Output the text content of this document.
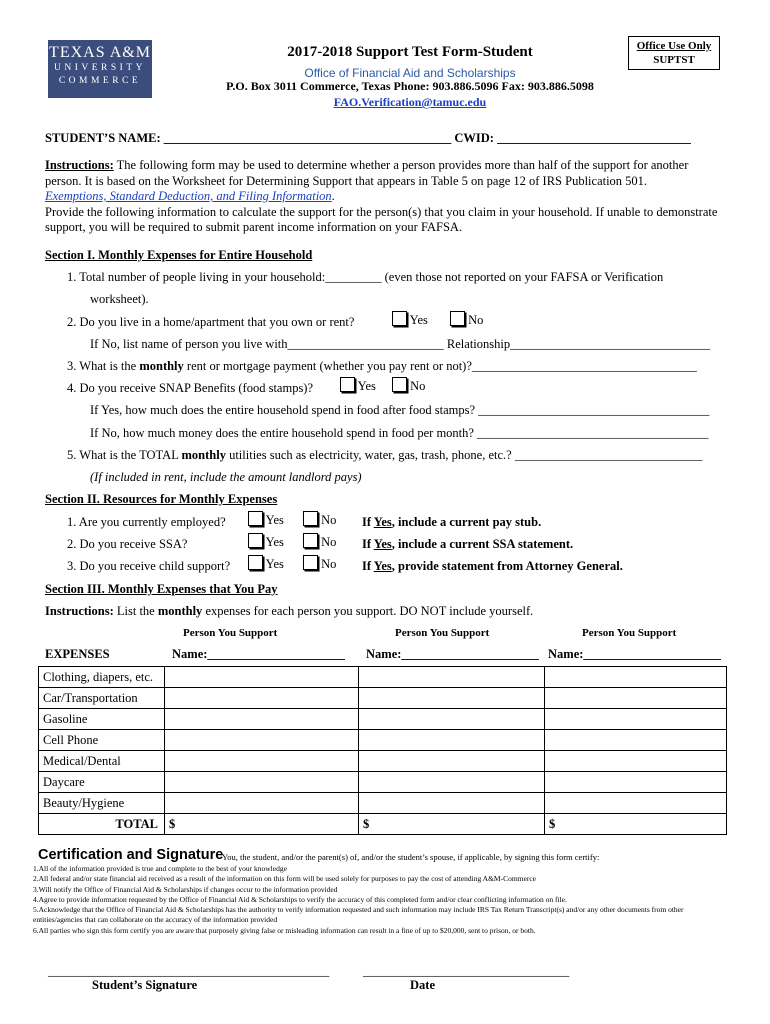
TEXAS A&M
UNIVERSITY
COMMERCE
Office Use Only
SUPTST
2017-2018 Support Test Form-Student
Office of Financial Aid and Scholarships
P.O. Box 3011 Commerce, Texas Phone: 903.886.5096 Fax: 903.886.5098
FAO.Verification@tamuc.edu
STUDENT’S NAME: ______________________________________________ CWID: _______________________________
Instructions: The following form may be used to determine whether a person provides more than half of the support for another person. It is based on the Worksheet for Determining Support that appears in Table 5 on page 12 of IRS Publication 501.
Exemptions, Standard Deduction, and Filing Information.
Provide the following information to calculate the support for the person(s) that you claim in your household. If unable to demonstrate support, you will be required to submit parent income information on your FAFSA.
Section I. Monthly Expenses for Entire Household
1. Total number of people living in your household:_________ (even those not reported on your FAFSA or Verification
worksheet).
2. Do you live in a home/apartment that you own or rent?	Yes	No
If No, list name of person you live with_________________________ Relationship________________________________
3. What is the monthly rent or mortgage payment (whether you pay rent or not)?____________________________________
4. Do you receive SNAP Benefits (food stamps)?	Yes	No
If Yes, how much does the entire household spend in food after food stamps? _____________________________________
If No, how much money does the entire household spend in food per month? _____________________________________
5. What is the TOTAL monthly utilities such as electricity, water, gas, trash, phone, etc.? ______________________________
(If included in rent, include the amount landlord pays)
Section II. Resources for Monthly Expenses
1. Are you currently employed?	Yes	No If Yes, include a current pay stub.
2. Do you receive SSA?	Yes	No If Yes, include a current SSA statement.
3. Do you receive child support?	Yes	No If Yes, provide statement from Attorney General.
Section III. Monthly Expenses that You Pay
Instructions: List the monthly expenses for each person you support. DO NOT include yourself.
Person You Support	Person You Support	Person You Support
EXPENSES	Name:______________________ Name:______________________ Name:______________________
Clothing, diapers, etc.			
Car/Transportation			
Gasoline			
Cell Phone			
Medical/Dental			
Daycare			
Beauty/Hygiene			
TOTAL	$	$	$
Certification and Signature
You, the student, and/or the parent(s) of, and/or the student’s spouse, if applicable, by signing this form certify:
1.All of the information provided is true and complete to the best of your knowledge
2.All federal and/or state financial aid received as a result of the information on this form will be used solely for purposes to pay the cost of attending A&M-Commerce
3.Will notify the Office of Financial Aid & Scholarships if changes occur to the information provided
4.Agree to provide information requested by the Office of Financial Aid & Scholarships to verify the accuracy of this completed form and/or clear conflicting information on file.
5.Acknowledge that the Office of Financial Aid & Scholarships has the authority to verify information requested and such information may include IRS Tax Return Transcript(s) and/or any other documents from other entities/agencies that can collaborate on the accuracy of the information provided
6.All parties who sign this form certify you are aware that purposely giving false or misleading information can result in a fine of up to $20,000, sent to prison, or both.
_____________________________________________	_________________________________
Student’s Signature	Date
